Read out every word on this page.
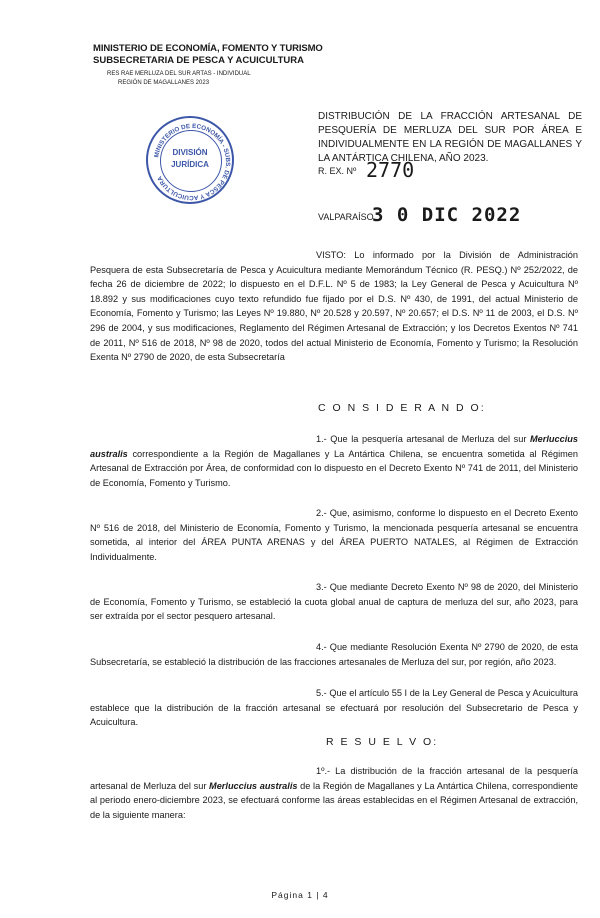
MINISTERIO DE ECONOMÍA, FOMENTO Y TURISMO
SUBSECRETARIA DE PESCA Y ACUICULTURA
RES RAE MERLUZA DEL SUR ARTAS - INDIVIDUAL
REGIÓN DE MAGALLANES 2023
MINISTERIO DE ECONOMÍA - SUBS. DE PESCA Y ACUICULTURA
DIVISIÓN
JURÍDICA
DISTRIBUCIÓN DE LA FRACCIÓN ARTESANAL DE PESQUERÍA DE MERLUZA DEL SUR POR ÁREA E INDIVIDUALMENTE EN LA REGIÓN DE MAGALLANES Y LA ANTÁRTICA CHILENA, AÑO 2023.
R. EX. Nº 2770
VALPARAÍSO,
3 0 DIC 2022
VISTO: Lo informado por la División de Administración Pesquera de esta Subsecretaría de Pesca y Acuicultura mediante Memorándum Técnico (R. PESQ.) Nº 252/2022, de fecha 26 de diciembre de 2022; lo dispuesto en el D.F.L. Nº 5 de 1983; la Ley General de Pesca y Acuicultura Nº 18.892 y sus modificaciones cuyo texto refundido fue fijado por el D.S. Nº 430, de 1991, del actual Ministerio de Economía, Fomento y Turismo; las Leyes Nº 19.880, Nº 20.528 y 20.597, Nº 20.657; el D.S. Nº 11 de 2003, el D.S. Nº 296 de 2004, y sus modificaciones, Reglamento del Régimen Artesanal de Extracción; y los Decretos Exentos Nº 741 de 2011, Nº 516 de 2018, Nº 98 de 2020, todos del actual Ministerio de Economía, Fomento y Turismo; la Resolución Exenta Nº 2790 de 2020, de esta Subsecretaría
C O N S I D E R A N D O:
1.- Que la pesquería artesanal de Merluza del sur Merluccius australis correspondiente a la Región de Magallanes y La Antártica Chilena, se encuentra sometida al Régimen Artesanal de Extracción por Área, de conformidad con lo dispuesto en el Decreto Exento Nº 741 de 2011, del Ministerio de Economía, Fomento y Turismo.
2.- Que, asimismo, conforme lo dispuesto en el Decreto Exento Nº 516 de 2018, del Ministerio de Economía, Fomento y Turismo, la mencionada pesquería artesanal se encuentra sometida, al interior del ÁREA PUNTA ARENAS y del ÁREA PUERTO NATALES, al Régimen de Extracción Individualmente.
3.- Que mediante Decreto Exento Nº 98 de 2020, del Ministerio de Economía, Fomento y Turismo, se estableció la cuota global anual de captura de merluza del sur, año 2023, para ser extraída por el sector pesquero artesanal.
4.- Que mediante Resolución Exenta Nº 2790 de 2020, de esta Subsecretaría, se estableció la distribución de las fracciones artesanales de Merluza del sur, por región, año 2023.
5.- Que el artículo 55 I de la Ley General de Pesca y Acuicultura establece que la distribución de la fracción artesanal se efectuará por resolución del Subsecretario de Pesca y Acuicultura.
R E S U E L V O:
1º.- La distribución de la fracción artesanal de la pesquería artesanal de Merluza del sur Merluccius australis de la Región de Magallanes y La Antártica Chilena, correspondiente al periodo enero-diciembre 2023, se efectuará conforme las áreas establecidas en el Régimen Artesanal de extracción, de la siguiente manera:
Página 1 | 4
